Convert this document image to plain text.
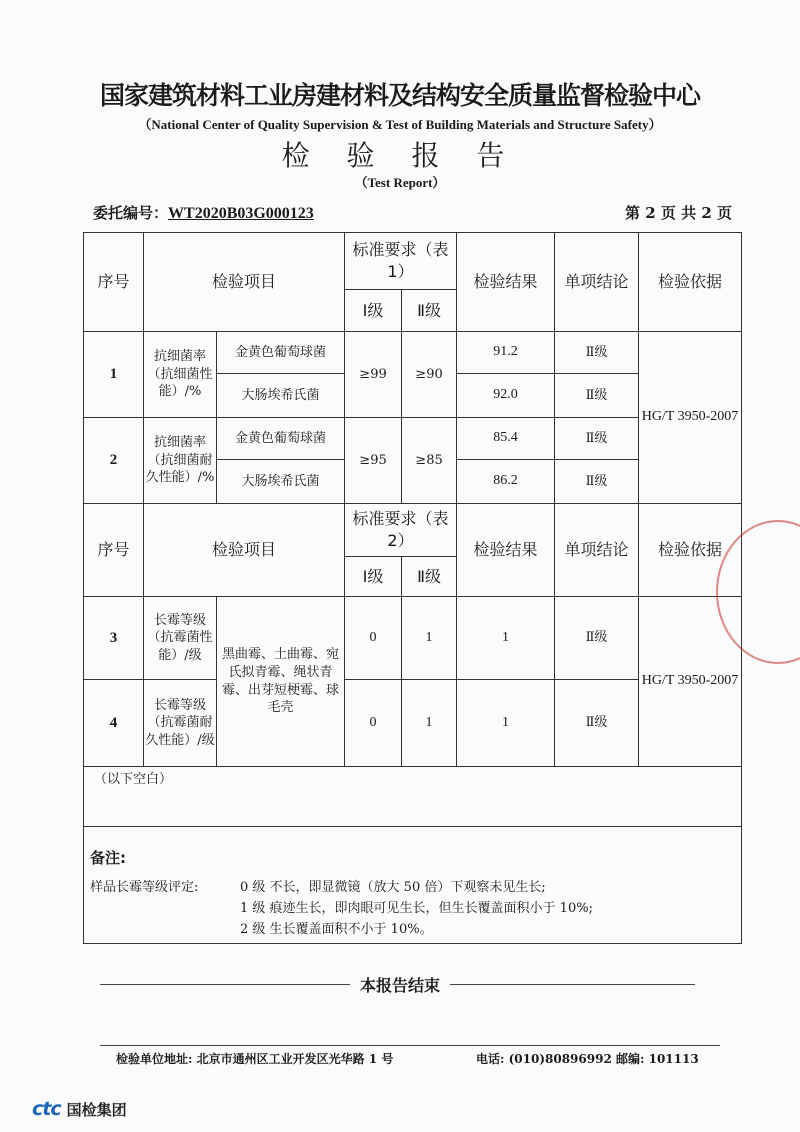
国家建筑材料工业房建材料及结构安全质量监督检验中心
（National Center of Quality Supervision & Test of Building Materials and Structure Safety）
检 验 报 告
（Test Report）
委托编号：WT2020B03G000123	第 2 页 共 2 页
序号	检验项目		标准要求（表 1）		检验结果	单项结论	检验依据
			Ⅰ级	Ⅱ级			
1	抗细菌率（抗细菌性能）/%	金黄色葡萄球菌	≥99	≥90	91.2	Ⅱ级	HG/T 3950-2007
		大肠埃希氏菌			92.0	Ⅱ级	
2	抗细菌率（抗细菌耐久性能）/%	金黄色葡萄球菌	≥95	≥85	85.4	Ⅱ级	
		大肠埃希氏菌			86.2	Ⅱ级	
序号	检验项目		标准要求（表 2）		检验结果	单项结论	检验依据
			Ⅰ级	Ⅱ级			
3	长霉等级（抗霉菌性能）/级	黑曲霉、土曲霉、宛氏拟青霉、绳状青霉、出芽短梗霉、球毛壳	0	1	1	Ⅱ级	HG/T 3950-2007
4	长霉等级（抗霉菌耐久性能）/级		0	1	1	Ⅱ级	
（以下空白）							

备注:
样品长霉等级评定:	0 级 不长，即显微镜（放大 50 倍）下观察未见生长;
1 级 痕迹生长，即肉眼可见生长，但生长覆盖面积小于 10%;
2 级 生长覆盖面积不小于 10%。
本报告结束
检验单位地址: 北京市通州区工业开发区光华路 1 号	电话: (010)80896992 邮编: 101113
ctc 国检集团
